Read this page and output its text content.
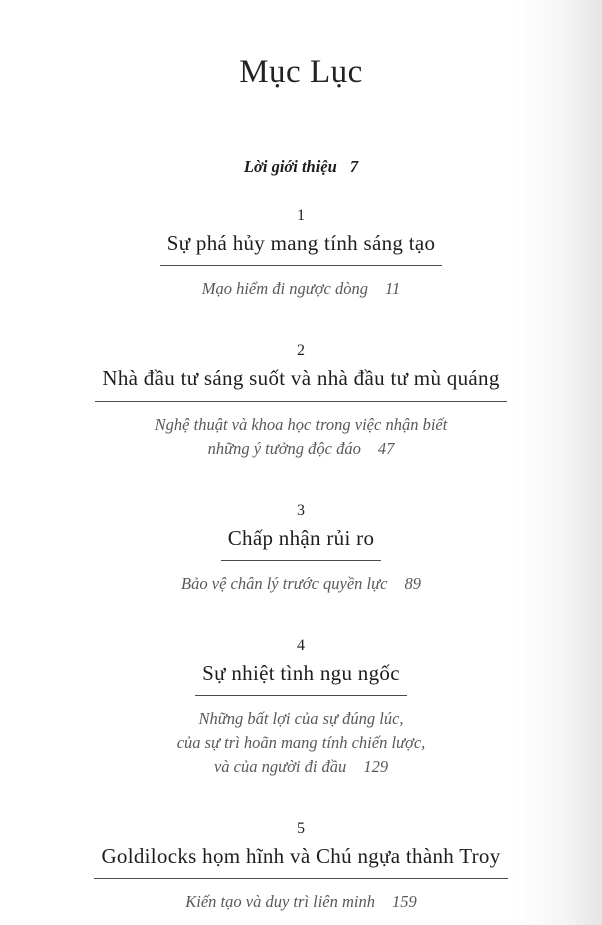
Mục Lục
Lời giới thiệu 7
1
Sự phá hủy mang tính sáng tạo
Mạo hiểm đi ngược dòng 11
2
Nhà đầu tư sáng suốt và nhà đầu tư mù quáng
Nghệ thuật và khoa học trong việc nhận biết
những ý tưởng độc đáo 47
3
Chấp nhận rủi ro
Bảo vệ chân lý trước quyền lực 89
4
Sự nhiệt tình ngu ngốc
Những bất lợi của sự đúng lúc,
của sự trì hoãn mang tính chiến lược,
và của người đi đầu 129
5
Goldilocks họm hĩnh và Chú ngựa thành Troy
Kiến tạo và duy trì liên minh 159
